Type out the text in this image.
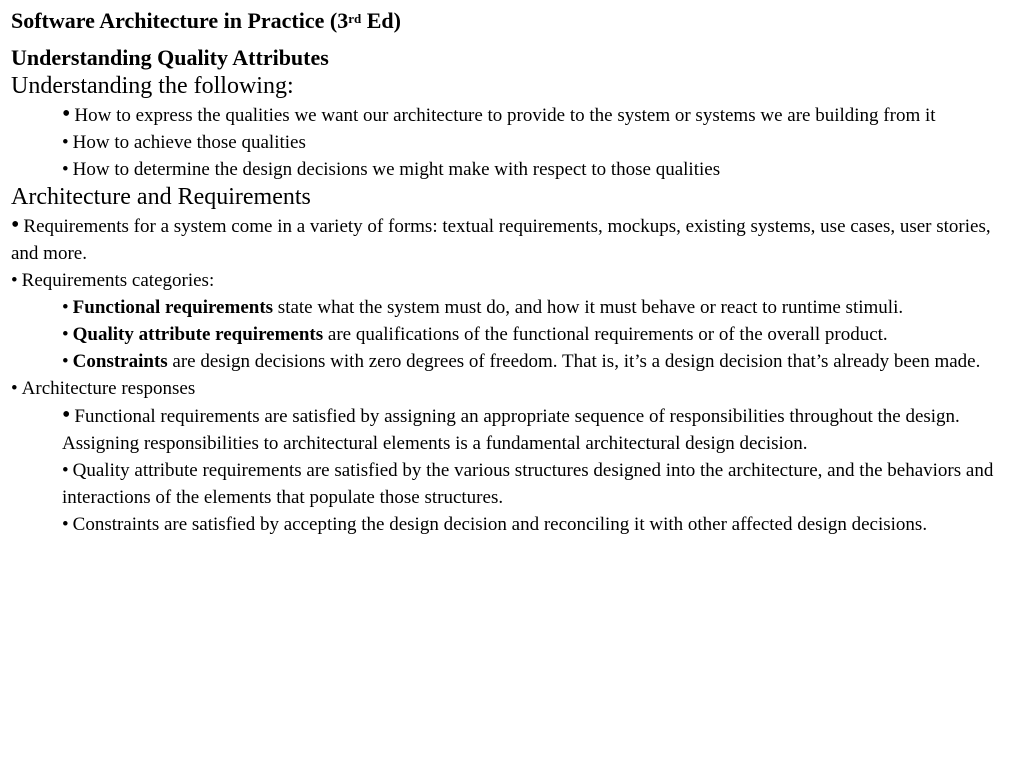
Software Architecture in Practice (3rd Ed)
Understanding Quality Attributes
Understanding the following:
• How to express the qualities we want our architecture to provide to the system or systems we are building from it
• How to achieve those qualities
• How to determine the design decisions we might make with respect to those qualities
Architecture and Requirements
• Requirements for a system come in a variety of forms: textual requirements, mockups, existing systems, use cases, user stories, and more.
• Requirements categories:
• Functional requirements state what the system must do, and how it must behave or react to runtime stimuli.
• Quality attribute requirements are qualifications of the functional requirements or of the overall product.
• Constraints are design decisions with zero degrees of freedom. That is, it’s a design decision that’s already been made.
• Architecture responses
• Functional requirements are satisfied by assigning an appropriate sequence of responsibilities throughout the design. Assigning responsibilities to architectural elements is a fundamental architectural design decision.
• Quality attribute requirements are satisfied by the various structures designed into the architecture, and the behaviors and interactions of the elements that populate those structures.
• Constraints are satisfied by accepting the design decision and reconciling it with other affected design decisions.
